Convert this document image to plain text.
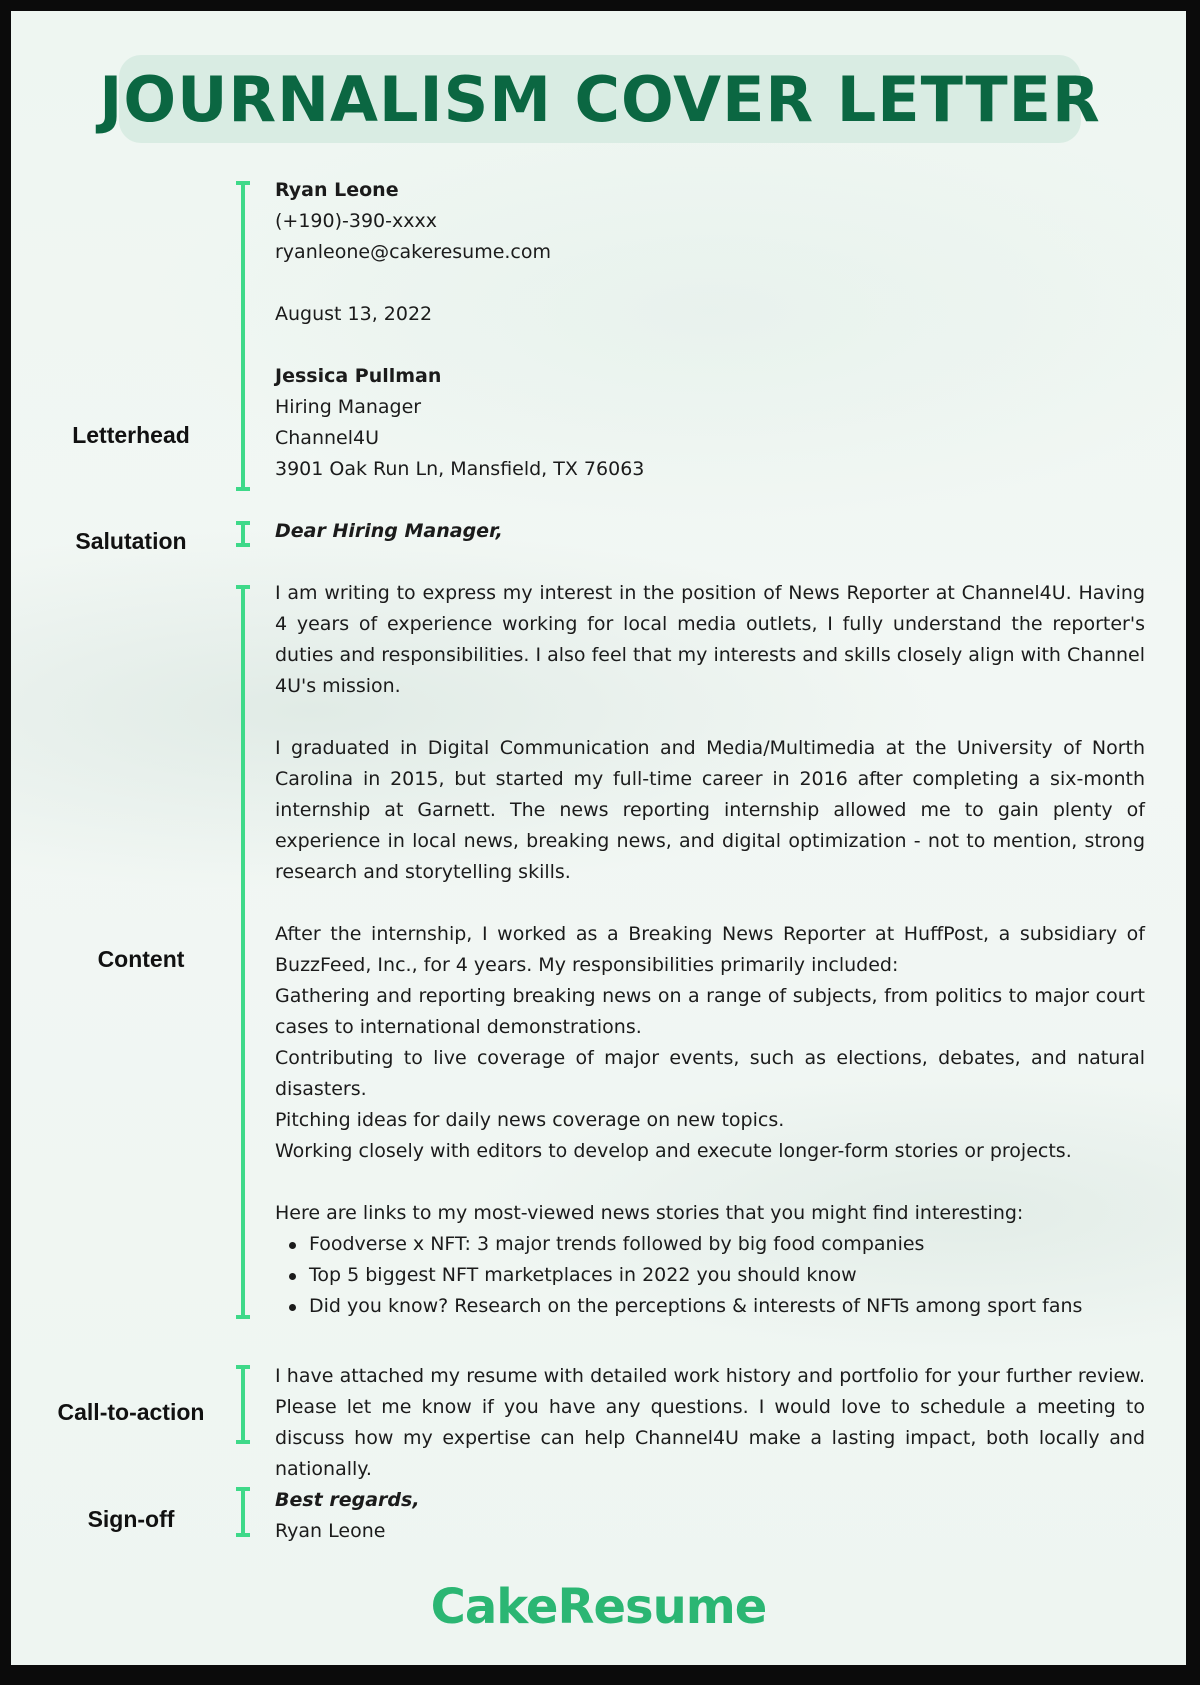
JOURNALISM COVER LETTER
Letterhead

Ryan Leone

(+190)-390-xxxx

ryanleone@cakeresume.com

August 13, 2022

Jessica Pullman

Hiring Manager

Channel4U

3901 Oak Run Ln, Mansfield, TX 76063

Salutation	Dear Hiring Manager,

Content

I am writing to express my interest in the position of News Reporter at Channel4U. Having 4 years of experience working for local media outlets, I fully understand the reporter's duties and responsibilities. I also feel that my interests and skills closely align with Channel 4U's mission.

I graduated in Digital Communication and Media/Multimedia at the University of North Carolina in 2015, but started my full-time career in 2016 after completing a six-month internship at Garnett. The news reporting internship allowed me to gain plenty of experience in local news, breaking news, and digital optimization - not to mention, strong research and storytelling skills.

After the internship, I worked as a Breaking News Reporter at HuffPost, a subsidiary of BuzzFeed, Inc., for 4 years. My responsibilities primarily included:

Gathering and reporting breaking news on a range of subjects, from politics to major court cases to international demonstrations.

Contributing to live coverage of major events, such as elections, debates, and natural disasters.

Pitching ideas for daily news coverage on new topics.

Working closely with editors to develop and execute longer-form stories or projects.

Here are links to my most-viewed news stories that you might find interesting:

Foodverse x NFT: 3 major trends followed by big food companies
Top 5 biggest NFT marketplaces in 2022 you should know
Did you know? Research on the perceptions & interests of NFTs among sport fans
Call-to-action

I have attached my resume with detailed work history and portfolio for your further review. Please let me know if you have any questions. I would love to schedule a meeting to discuss how my expertise can help Channel4U make a lasting impact, both locally and nationally.

Sign-off

Best regards,

Ryan Leone

CakeResume
